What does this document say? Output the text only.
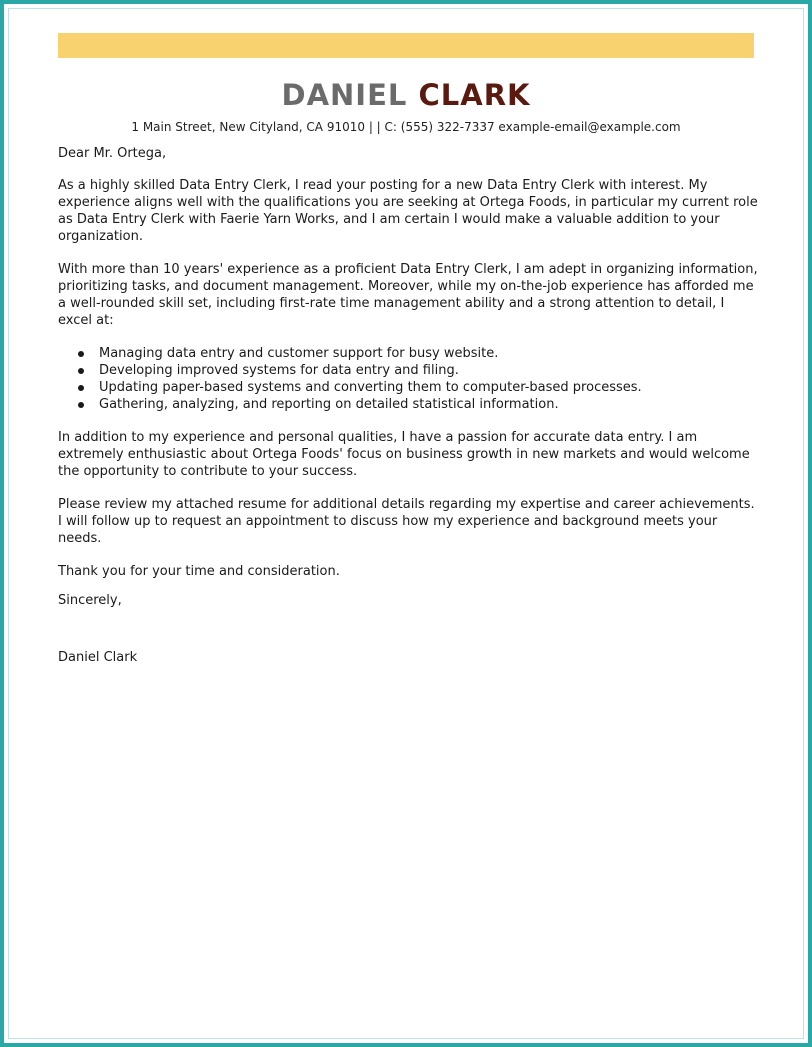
DANIEL CLARK
1 Main Street, New Cityland, CA 91010 | | C: (555) 322-7337 example-email@example.com

Dear Mr. Ortega,

As a highly skilled Data Entry Clerk, I read your posting for a new Data Entry Clerk with interest. My experience aligns well with the qualifications you are seeking at Ortega Foods, in particular my current role as Data Entry Clerk with Faerie Yarn Works, and I am certain I would make a valuable addition to your organization.

With more than 10 years' experience as a proficient Data Entry Clerk, I am adept in organizing information, prioritizing tasks, and document management. Moreover, while my on-the-job experience has afforded me a well-rounded skill set, including first-rate time management ability and a strong attention to detail, I excel at:

Managing data entry and customer support for busy website.
Developing improved systems for data entry and filing.
Updating paper-based systems and converting them to computer-based processes.
Gathering, analyzing, and reporting on detailed statistical information.

In addition to my experience and personal qualities, I have a passion for accurate data entry. I am extremely enthusiastic about Ortega Foods' focus on business growth in new markets and would welcome the opportunity to contribute to your success.

Please review my attached resume for additional details regarding my expertise and career achievements. I will follow up to request an appointment to discuss how my experience and background meets your needs.

Thank you for your time and consideration.

Sincerely,

Daniel Clark
